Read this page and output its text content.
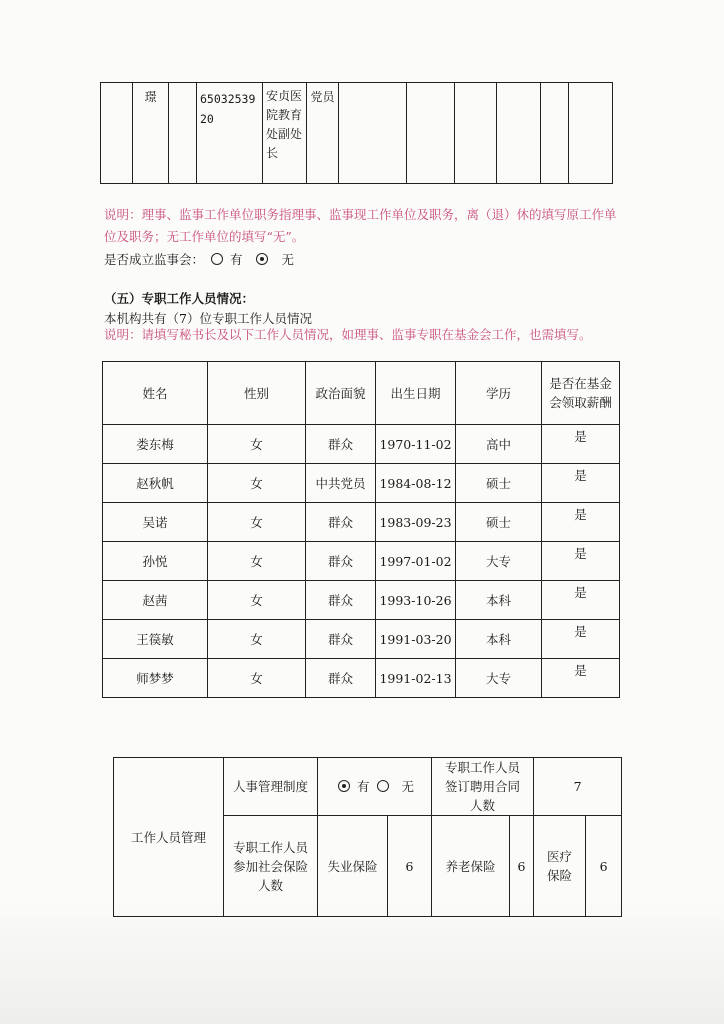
	璟		6503253920	安贞医院教育处副处长	党员						
说明：理事、监事工作单位职务指理事、监事现工作单位及职务，离（退）休的填写原工作单位及职务；无工作单位的填写“无”。
是否成立监事会： 有	无
（五）专职工作人员情况：
本机构共有（7）位专职工作人员情况
说明：请填写秘书长及以下工作人员情况，如理事、监事专职在基金会工作，也需填写。
姓名	性别	政治面貌	出生日期	学历	是否在基金会领取薪酬
娄东梅	女	群众	1970-11-02	高中	是
赵秋帆	女	中共党员	1984-08-12	硕士	是
吴诺	女	群众	1983-09-23	硕士	是
孙悦	女	群众	1997-01-02	大专	是
赵茜	女	群众	1993-10-26	本科	是
王篌敏	女	群众	1991-03-20	本科	是
师梦梦	女	群众	1991-02-13	大专	是
工作人员管理	人事管理制度	有 无		专职工作人员签订聘用合同人数		7	
	专职工作人员参加社会保险人数	失业保险	6	养老保险	6	医疗保险	6
